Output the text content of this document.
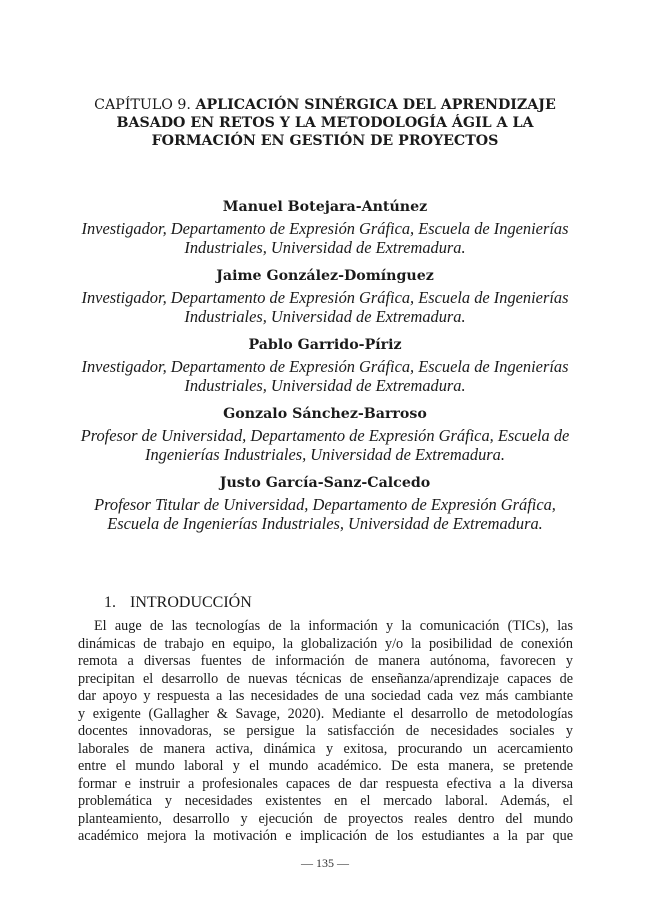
CAPÍTULO 9. APLICACIÓN SINÉRGICA DEL APRENDIZAJE
BASADO EN RETOS Y LA METODOLOGÍA ÁGIL A LA
FORMACIÓN EN GESTIÓN DE PROYECTOS

Manuel Botejara-Antúnez

Investigador, Departamento de Expresión Gráfica, Escuela de Ingenierías
Industriales, Universidad de Extremadura.

Jaime González-Domínguez

Investigador, Departamento de Expresión Gráfica, Escuela de Ingenierías
Industriales, Universidad de Extremadura.

Pablo Garrido-Píriz

Investigador, Departamento de Expresión Gráfica, Escuela de Ingenierías
Industriales, Universidad de Extremadura.

Gonzalo Sánchez-Barroso

Profesor de Universidad, Departamento de Expresión Gráfica, Escuela de
Ingenierías Industriales, Universidad de Extremadura.

Justo García-Sanz-Calcedo

Profesor Titular de Universidad, Departamento de Expresión Gráfica,
Escuela de Ingenierías Industriales, Universidad de Extremadura.

1. INTRODUCCIÓN
El auge de las tecnologías de la información y la comunicación (TICs), las
dinámicas de trabajo en equipo, la globalización y/o la posibilidad de conexión
remota a diversas fuentes de información de manera autónoma, favorecen y
precipitan el desarrollo de nuevas técnicas de enseñanza/aprendizaje capaces de
dar apoyo y respuesta a las necesidades de una sociedad cada vez más cambiante
y exigente (Gallagher & Savage, 2020). Mediante el desarrollo de metodologías
docentes innovadoras, se persigue la satisfacción de necesidades sociales y
laborales de manera activa, dinámica y exitosa, procurando un acercamiento
entre el mundo laboral y el mundo académico. De esta manera, se pretende
formar e instruir a profesionales capaces de dar respuesta efectiva a la diversa
problemática y necesidades existentes en el mercado laboral. Además, el
planteamiento, desarrollo y ejecución de proyectos reales dentro del mundo
académico mejora la motivación e implicación de los estudiantes a la par que
— 135 —
